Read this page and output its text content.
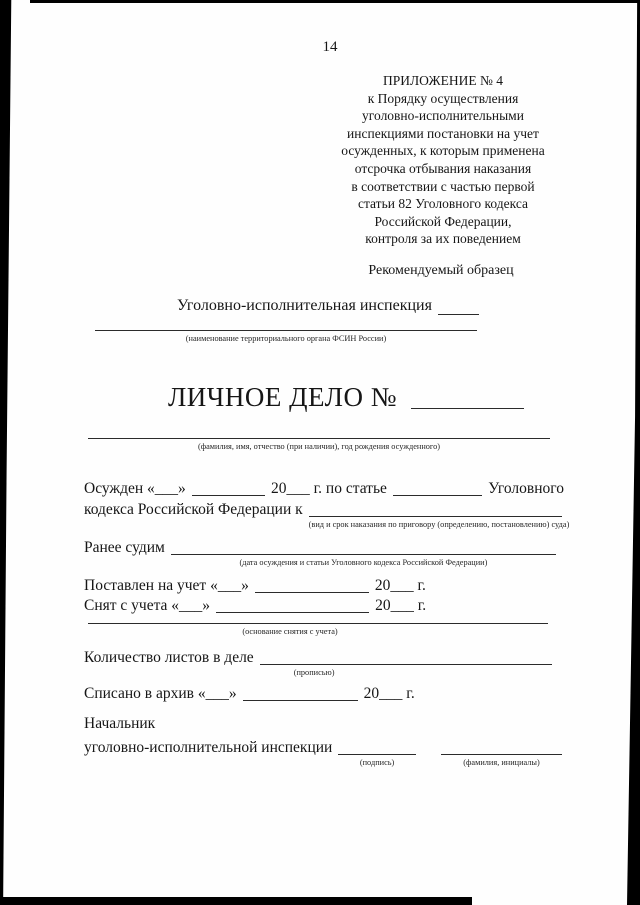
14
ПРИЛОЖЕНИЕ № 4
к Порядку осуществления
уголовно-исполнительными
инспекциями постановки на учет
осужденных, к которым применена
отсрочка отбывания наказания
в соответствии с частью первой
статьи 82 Уголовного кодекса
Российской Федерации,
контроля за их поведением
Рекомендуемый образец
Уголовно-исполнительная инспекция
(наименование территориального органа ФСИН России)
ЛИЧНОЕ ДЕЛО №
(фамилия, имя, отчество (при наличии), год рождения осужденного)
Осужден «___»	20___ г. по статье	Уголовного
кодекса Российской Федерации к
(вид и срок наказания по приговору (определению, постановлению) суда)
Ранее судим
(дата осуждения и статьи Уголовного кодекса Российской Федерации)
Поставлен на учет «___»	20___ г.
Снят с учета «___»	20___ г.
(основание снятия с учета)
Количество листов в деле
(прописью)
Списано в архив «___»	20___ г.
Начальник
уголовно-исполнительной инспекции
(подпись)	(фамилия, инициалы)
